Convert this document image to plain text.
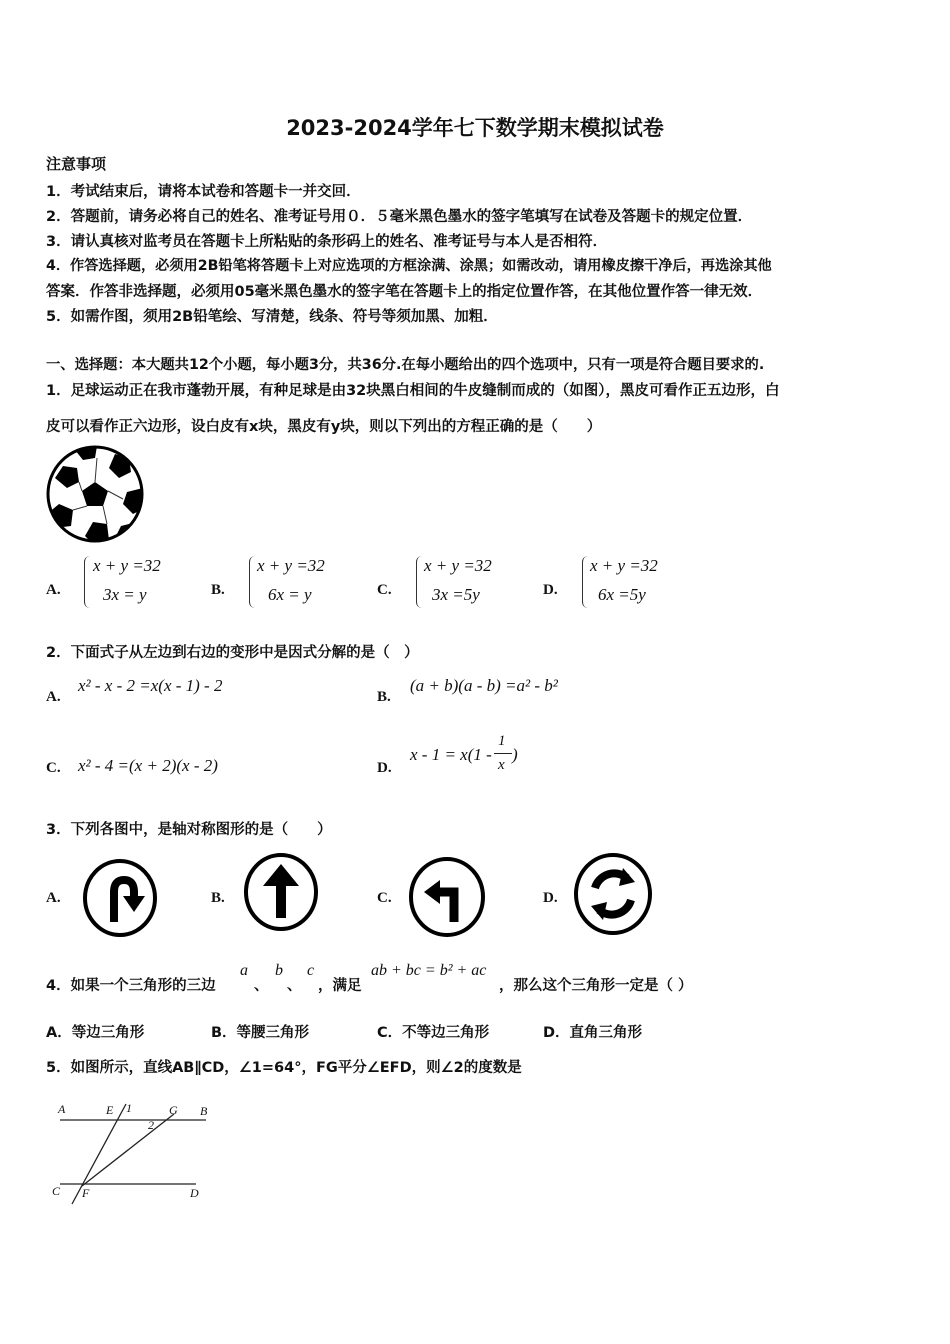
2023-2024学年七下数学期末模拟试卷
注意事项
1．考试结束后，请将本试卷和答题卡一并交回．
2．答题前，请务必将自己的姓名、准考证号用０．５毫米黑色墨水的签字笔填写在试卷及答题卡的规定位置．
3．请认真核对监考员在答题卡上所粘贴的条形码上的姓名、准考证号与本人是否相符．
4．作答选择题，必须用2B铅笔将答题卡上对应选项的方框涂满、涂黑；如需改动，请用橡皮擦干净后，再选涂其他
答案．作答非选择题，必须用05毫米黑色墨水的签字笔在答题卡上的指定位置作答，在其他位置作答一律无效．
5．如需作图，须用2B铅笔绘、写清楚，线条、符号等须加黑、加粗．
一、选择题：本大题共12个小题，每小题3分，共36分.在每小题给出的四个选项中，只有一项是符合题目要求的.
1．足球运动正在我市蓬勃开展，有种足球是由32块黑白相间的牛皮缝制而成的（如图），黑皮可看作正五边形，白
皮可以看作正六边形，设白皮有x块，黑皮有y块，则以下列出的方程正确的是（　　）
A.
x + y =32
3x = y	B.
x + y =32
6x = y	C.
x + y =32
3x =5y	D.
x + y =32
6x =5y
2．下面式子从左边到右边的变形中是因式分解的是（　）
A.
x² - x - 2 =x(x - 1) - 2
B.
(a + b)(a - b) =a² - b²
C. x² - 4 =(x + 2)(x - 2)	D.
x - 1 = x(1 -
1
x
)
3．下列各图中，是轴对称图形的是（　　）
A.	B.	C.	D.
4．如果一个三角形的三边
a
、
b
、
c
，满足
ab + bc = b² + ac
，那么这个三角形一定是（ ）
A．等边三角形	B．等腰三角形	C．不等边三角形	D．直角三角形
5．如图所示，直线AB∥CD，∠1=64°，FG平分∠EFD，则∠2的度数是
A	E 1	G B
2
C F	D
